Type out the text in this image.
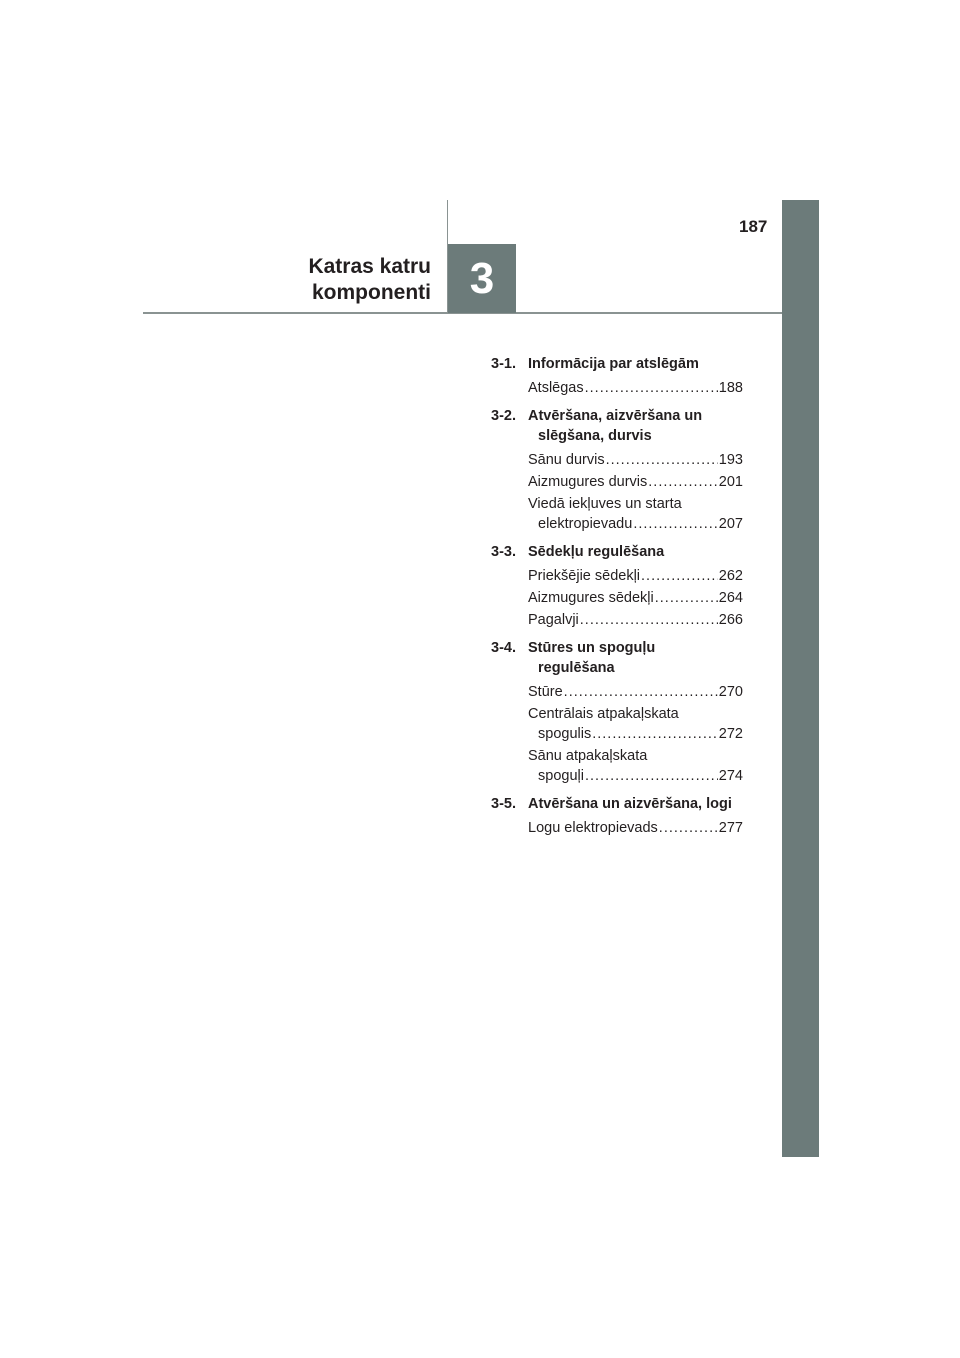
Katras katru
komponenti 3
187
3-1. Informācija par atslēgām
Atslēgas .....	188
3-2. Atvēršana, aizvēršana un
slēgšana, durvis
Sānu durvis .....	193
Aizmugures durvis .....	201
Viedā iekļuves un starta
elektropievadu .....	207
3-3. Sēdekļu regulēšana
Priekšējie sēdekļi .....	262
Aizmugures sēdekļi .....	264
Pagalvji .....	266
3-4. Stūres un spoguļu
regulēšana
Stūre .....	270
Centrālais atpakaļskata
spogulis .....	272
Sānu atpakaļskata
spoguļi .....	274
3-5. Atvēršana un aizvēršana, logi
Logu elektropievads .....	277
